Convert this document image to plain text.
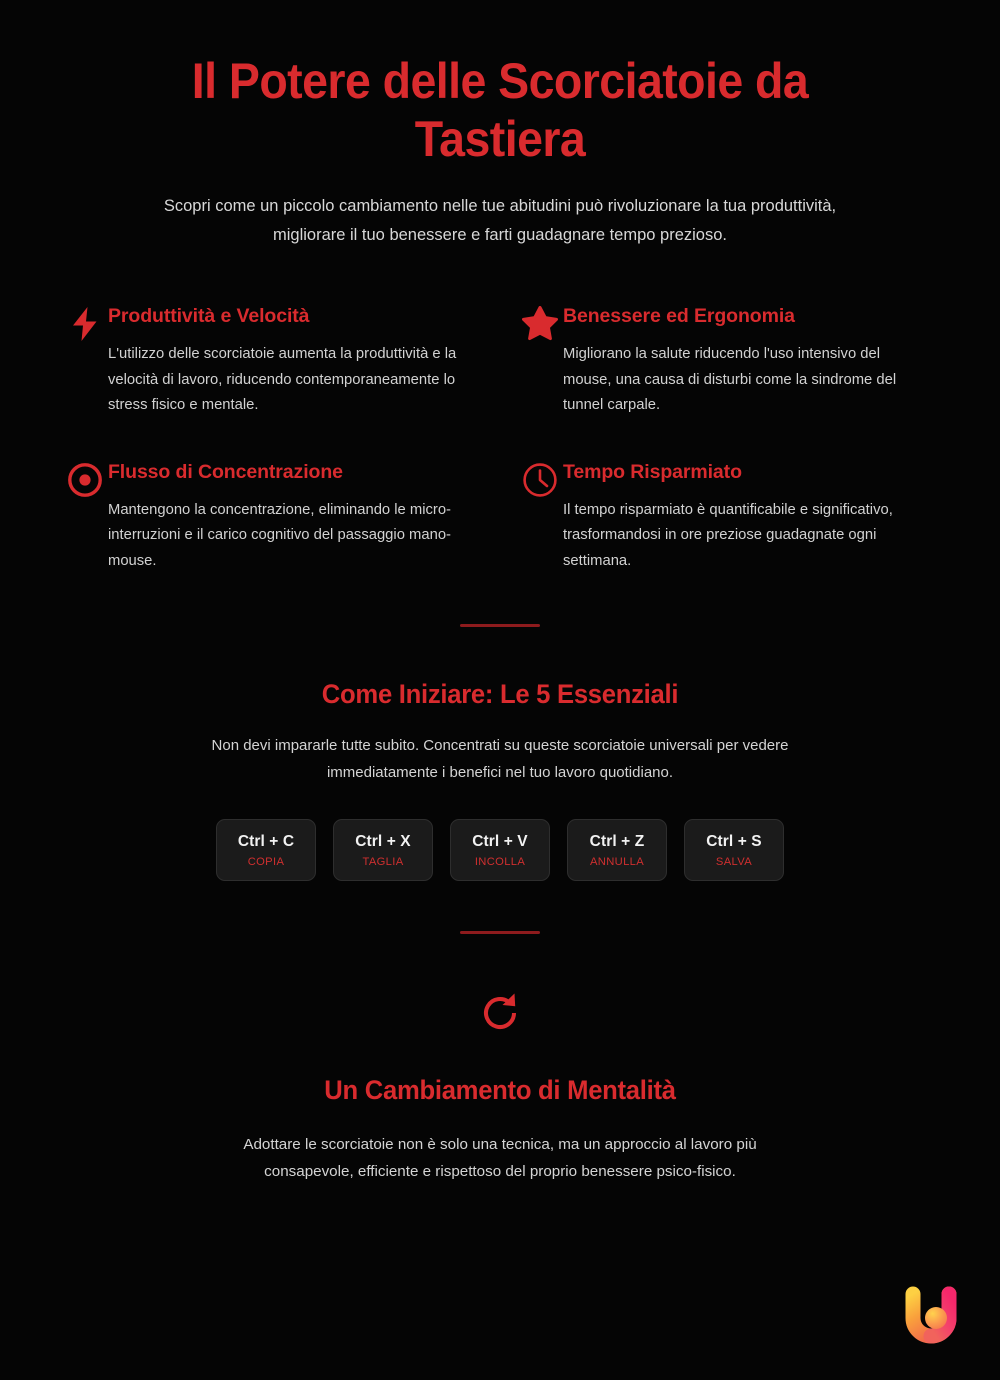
Il Potere delle Scorciatoie da Tastiera

Scopri come un piccolo cambiamento nelle tue abitudini può rivoluzionare la tua produttività, migliorare il tuo benessere e farti guadagnare tempo prezioso.

Produttività e Velocità
L'utilizzo delle scorciatoie aumenta la produttività e la velocità di lavoro, riducendo contemporaneamente lo stress fisico e mentale.
Benessere ed Ergonomia
Migliorano la salute riducendo l'uso intensivo del mouse, una causa di disturbi come la sindrome del tunnel carpale.
Flusso di Concentrazione
Mantengono la concentrazione, eliminando le micro-interruzioni e il carico cognitivo del passaggio mano-mouse.
Tempo Risparmiato
Il tempo risparmiato è quantificabile e significativo, trasformandosi in ore preziose guadagnate ogni settimana.
Come Iniziare: Le 5 Essenziali

Non devi impararle tutte subito. Concentrati su queste scorciatoie universali per vedere immediatamente i benefici nel tuo lavoro quotidiano.

Ctrl + C
COPIA
Ctrl + X
TAGLIA
Ctrl + V
INCOLLA
Ctrl + Z
ANNULLA
Ctrl + S
SALVA
Un Cambiamento di Mentalità

Adottare le scorciatoie non è solo una tecnica, ma un approccio al lavoro più consapevole, efficiente e rispettoso del proprio benessere psico-fisico.
